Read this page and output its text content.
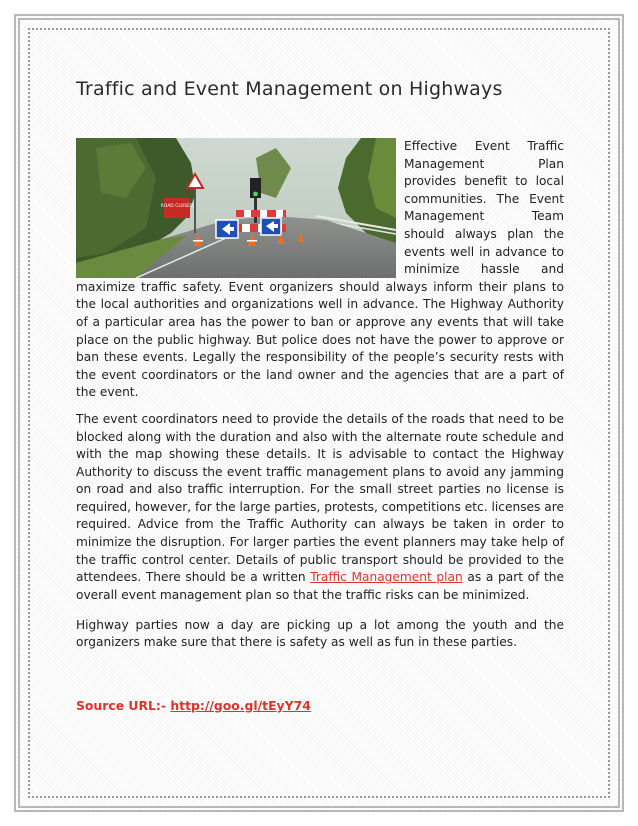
Traffic and Event Management on Highways
ROAD CLOSED

Effective Event Traffic Management Plan provides benefit to local communities. The Event Management Team should always plan the events well in advance to minimize hassle and maximize traffic safety. Event organizers should always inform their plans to the local authorities and organizations well in advance. The Highway Authority of a particular area has the power to ban or approve any events that will take place on the public highway. But police does not have the power to approve or ban these events. Legally the responsibility of the people’s security rests with the event coordinators or the land owner and the agencies that are a part of the event.

The event coordinators need to provide the details of the roads that need to be blocked along with the duration and also with the alternate route schedule and with the map showing these details. It is advisable to contact the Highway Authority to discuss the event traffic management plans to avoid any jamming on road and also traffic interruption. For the small street parties no license is required, however, for the large parties, protests, competitions etc. licenses are required. Advice from the Traffic Authority can always be taken in order to minimize the disruption. For larger parties the event planners may take help of the traffic control center. Details of public transport should be provided to the attendees. There should be a written Traffic Management plan as a part of the overall event management plan so that the traffic risks can be minimized.

Highway parties now a day are picking up a lot among the youth and the organizers make sure that there is safety as well as fun in these parties.

Source URL:- http://goo.gl/tEyY74
